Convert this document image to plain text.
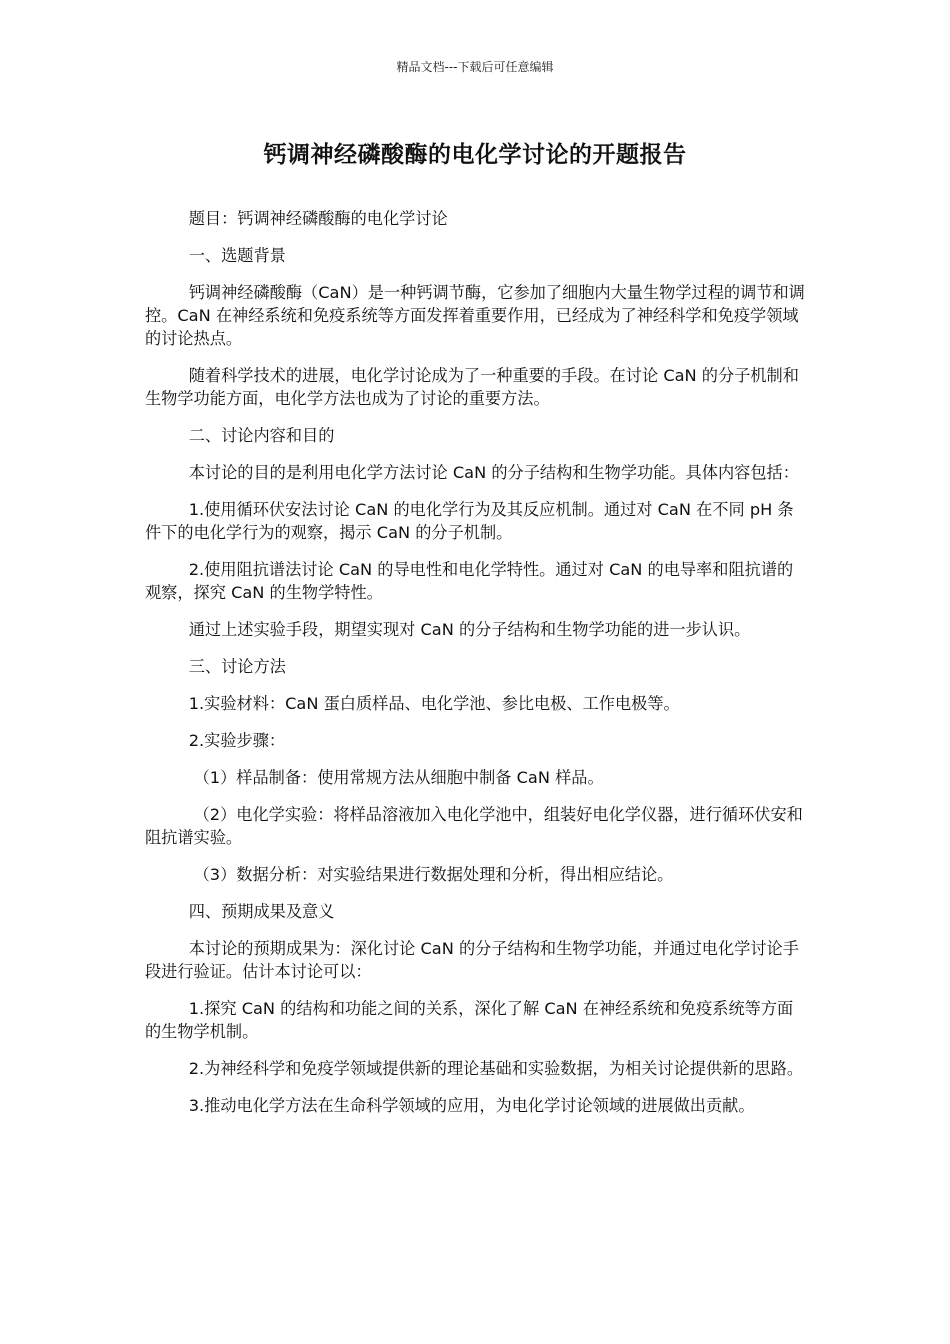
精品文档---下载后可任意编辑
钙调神经磷酸酶的电化学讨论的开题报告

题目：钙调神经磷酸酶的电化学讨论

一、选题背景

钙调神经磷酸酶（CaN）是一种钙调节酶，它参加了细胞内大量生物学过程的调节和调控。CaN 在神经系统和免疫系统等方面发挥着重要作用，已经成为了神经科学和免疫学领域的讨论热点。

随着科学技术的进展，电化学讨论成为了一种重要的手段。在讨论 CaN 的分子机制和生物学功能方面，电化学方法也成为了讨论的重要方法。

二、讨论内容和目的

本讨论的目的是利用电化学方法讨论 CaN 的分子结构和生物学功能。具体内容包括：

1.使用循环伏安法讨论 CaN 的电化学行为及其反应机制。通过对 CaN 在不同 pH 条件下的电化学行为的观察，揭示 CaN 的分子机制。

2.使用阻抗谱法讨论 CaN 的导电性和电化学特性。通过对 CaN 的电导率和阻抗谱的观察，探究 CaN 的生物学特性。

通过上述实验手段，期望实现对 CaN 的分子结构和生物学功能的进一步认识。

三、讨论方法

1.实验材料：CaN 蛋白质样品、电化学池、参比电极、工作电极等。

2.实验步骤：

（1）样品制备：使用常规方法从细胞中制备 CaN 样品。

（2）电化学实验：将样品溶液加入电化学池中，组装好电化学仪器，进行循环伏安和阻抗谱实验。

（3）数据分析：对实验结果进行数据处理和分析，得出相应结论。

四、预期成果及意义

本讨论的预期成果为：深化讨论 CaN 的分子结构和生物学功能，并通过电化学讨论手段进行验证。估计本讨论可以：

1.探究 CaN 的结构和功能之间的关系，深化了解 CaN 在神经系统和免疫系统等方面的生物学机制。

2.为神经科学和免疫学领域提供新的理论基础和实验数据，为相关讨论提供新的思路。

3.推动电化学方法在生命科学领域的应用，为电化学讨论领域的进展做出贡献。
